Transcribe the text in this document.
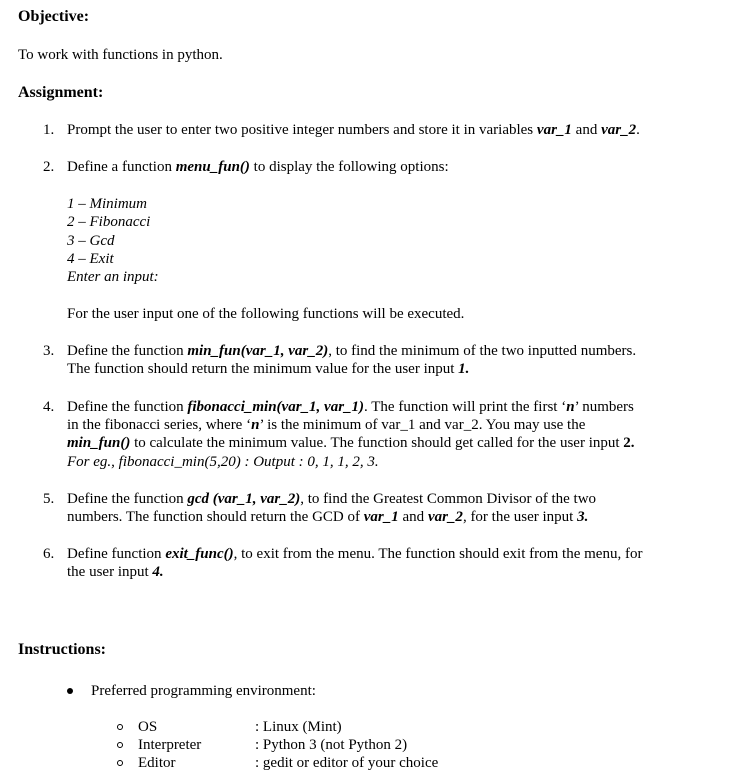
Objective:
To work with functions in python.
Assignment:
1. Prompt the user to enter two positive integer numbers and store it in variables var_1 and var_2.
2. Define a function menu_fun() to display the following options:
1 – Minimum
2 – Fibonacci
3 – Gcd
4 – Exit
Enter an input:
For the user input one of the following functions will be executed.
3. Define the function min_fun(var_1, var_2), to find the minimum of the two inputted numbers.
The function should return the minimum value for the user input 1.
4. Define the function fibonacci_min(var_1, var_1). The function will print the first ‘n’ numbers
in the fibonacci series, where ‘n’ is the minimum of var_1 and var_2. You may use the
min_fun() to calculate the minimum value. The function should get called for the user input 2.
For eg., fibonacci_min(5,20) : Output : 0, 1, 1, 2, 3.
5. Define the function gcd (var_1, var_2), to find the Greatest Common Divisor of the two
numbers. The function should return the GCD of var_1 and var_2, for the user input 3.
6. Define function exit_func(), to exit from the menu. The function should exit from the menu, for
the user input 4.
Instructions:
Preferred programming environment:
OS	: Linux (Mint)
Interpreter	: Python 3 (not Python 2)
Editor	: gedit or editor of your choice
